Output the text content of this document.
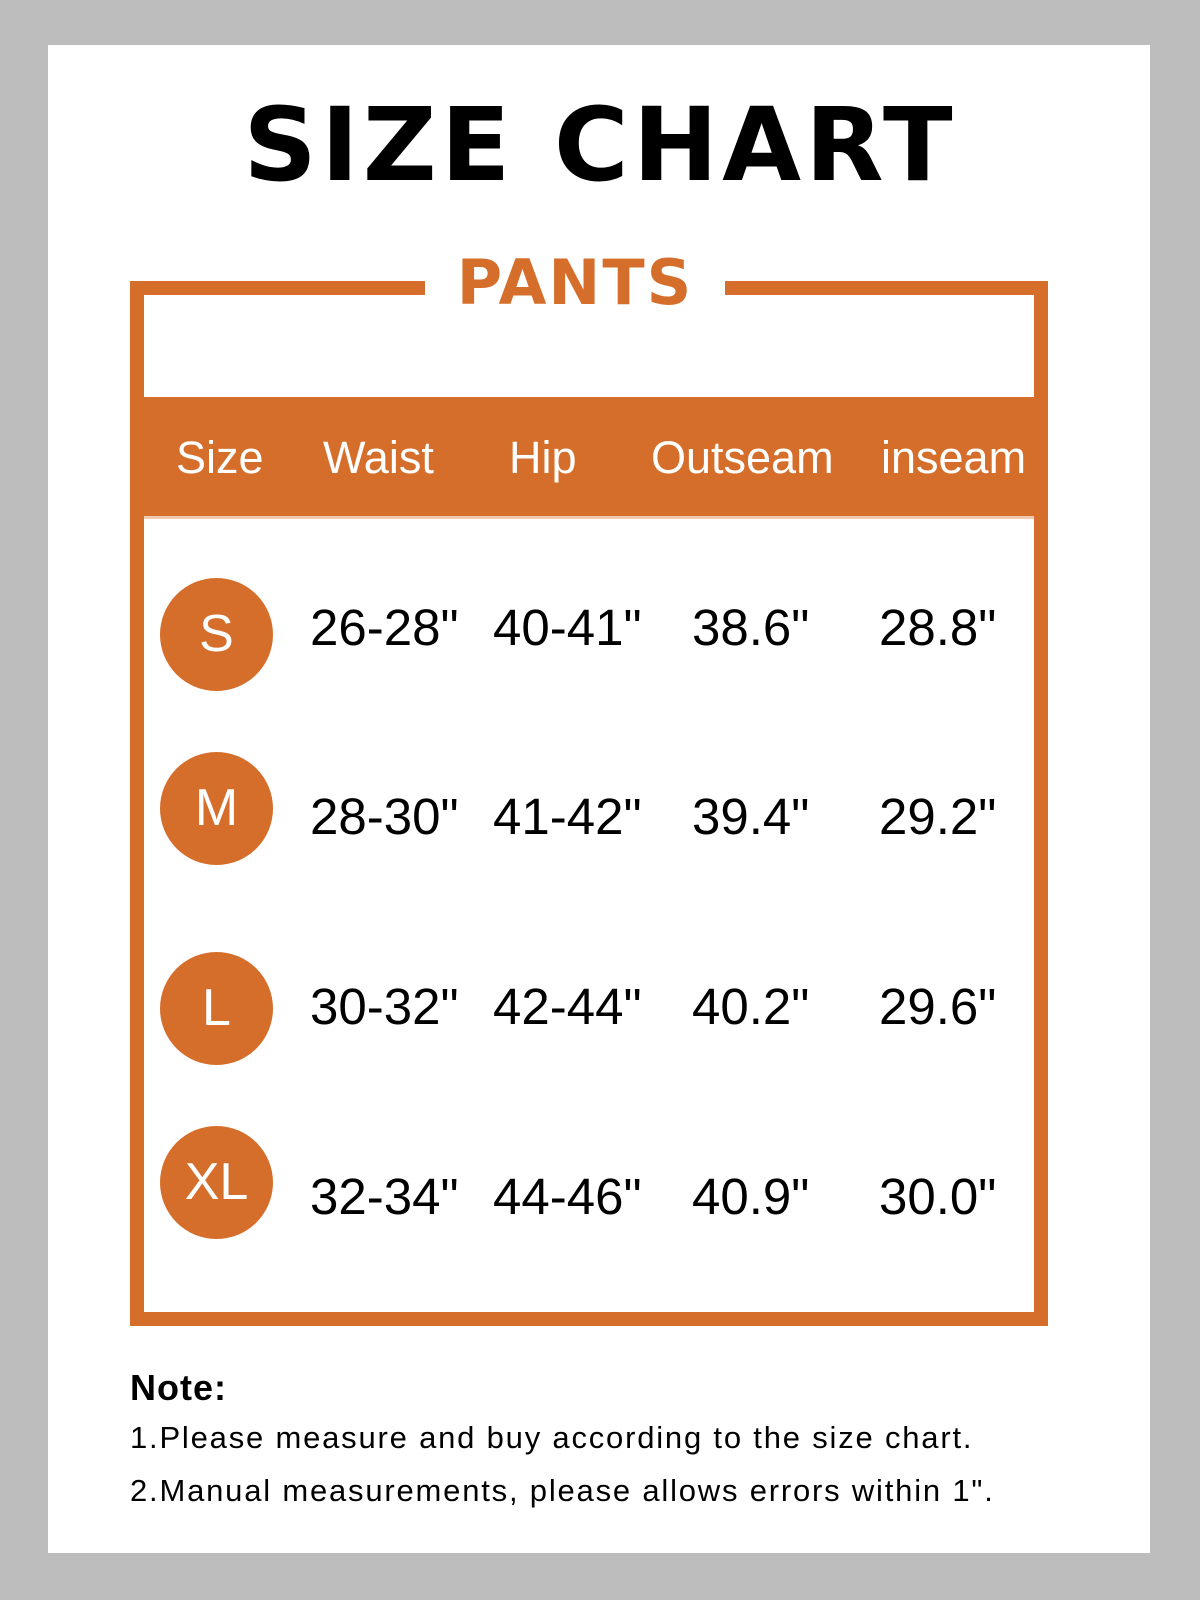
SIZE CHART
PANTS
Size Waist Hip Outseam inseam
S	26-28" 40-41" 38.6" 28.8"
M	28-30" 41-42" 39.4" 29.2"
L	30-32" 42-44" 40.2" 29.6"
XL	32-34" 44-46" 40.9" 30.0"
Note:
1.Please measure and buy according to the size chart.
2.Manual measurements, please allows errors within 1".
